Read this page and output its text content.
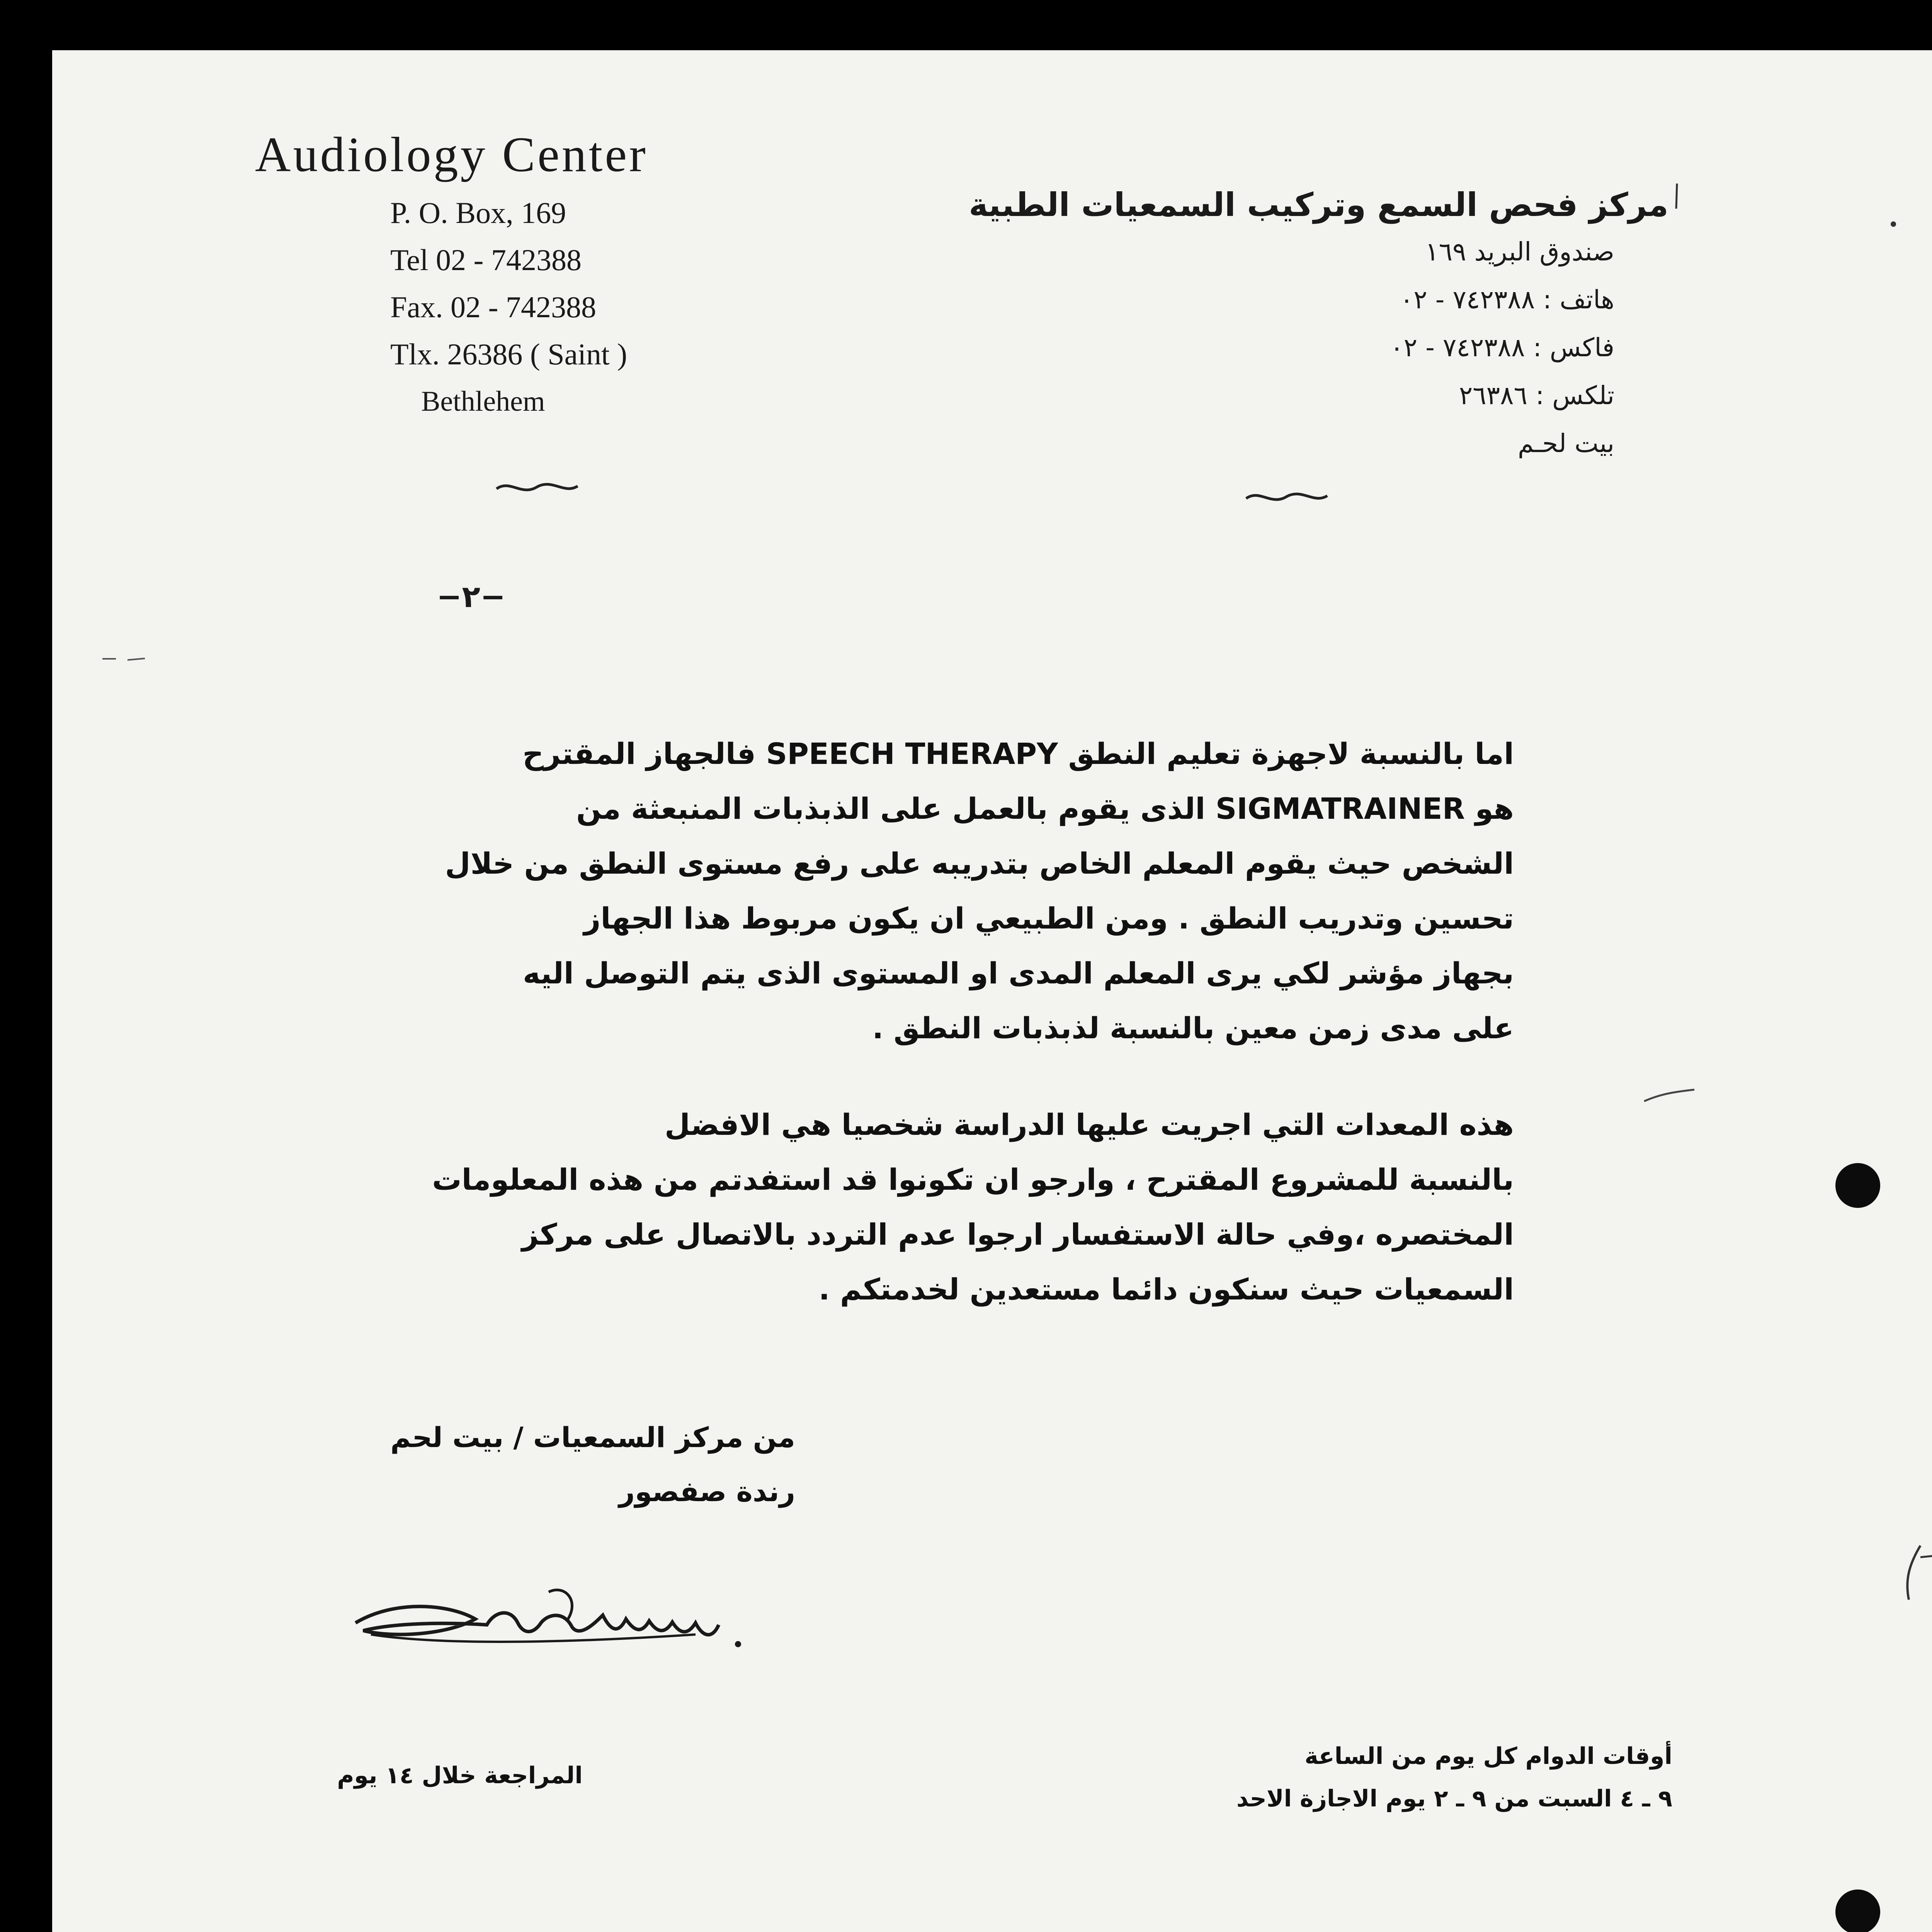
Audiology Center
P. O. Box, 169
Tel 02 - 742388
Fax. 02 - 742388
Tlx. 26386 ( Saint )
Bethlehem
مركز فحص السمع وتركيب السمعيات الطبية
صندوق البريد ١٦٩
هاتف : ٧٤٢٣٨٨ - ٠٢
فاكس : ٧٤٢٣٨٨ - ٠٢
تلكس : ٢٦٣٨٦
بيت لحـم
−٢−
اما بالنسبة لاجهزة تعليم النطق SPEECH THERAPY فالجهاز المقترح
هو SIGMATRAINER الذى يقوم بالعمل على الذبذبات المنبعثة من
الشخص حيث يقوم المعلم الخاص بتدريبه على رفع مستوى النطق من خلال
تحسين وتدريب النطق . ومن الطبيعي ان يكون مربوط هذا الجهاز
بجهاز مؤشر لكي يرى المعلم المدى او المستوى الذى يتم التوصل اليه
على مدى زمن معين بالنسبة لذبذبات النطق .
هذه المعدات التي اجريت عليها الدراسة شخصيا هي الافضل
بالنسبة للمشروع المقترح ، وارجو ان تكونوا قد استفدتم من هذه المعلومات
المختصره ،وفي حالة الاستفسار ارجوا عدم التردد بالاتصال على مركز
السمعيات حيث سنكون دائما مستعدين لخدمتكم .
من مركز السمعيات / بيت لحم
رندة صفصور
المراجعة خلال ١٤ يوم
أوقات الدوام كل يوم من الساعة
٩ ـ ٤ السبت من ٩ ـ ٢ يوم الاجازة الاحد
